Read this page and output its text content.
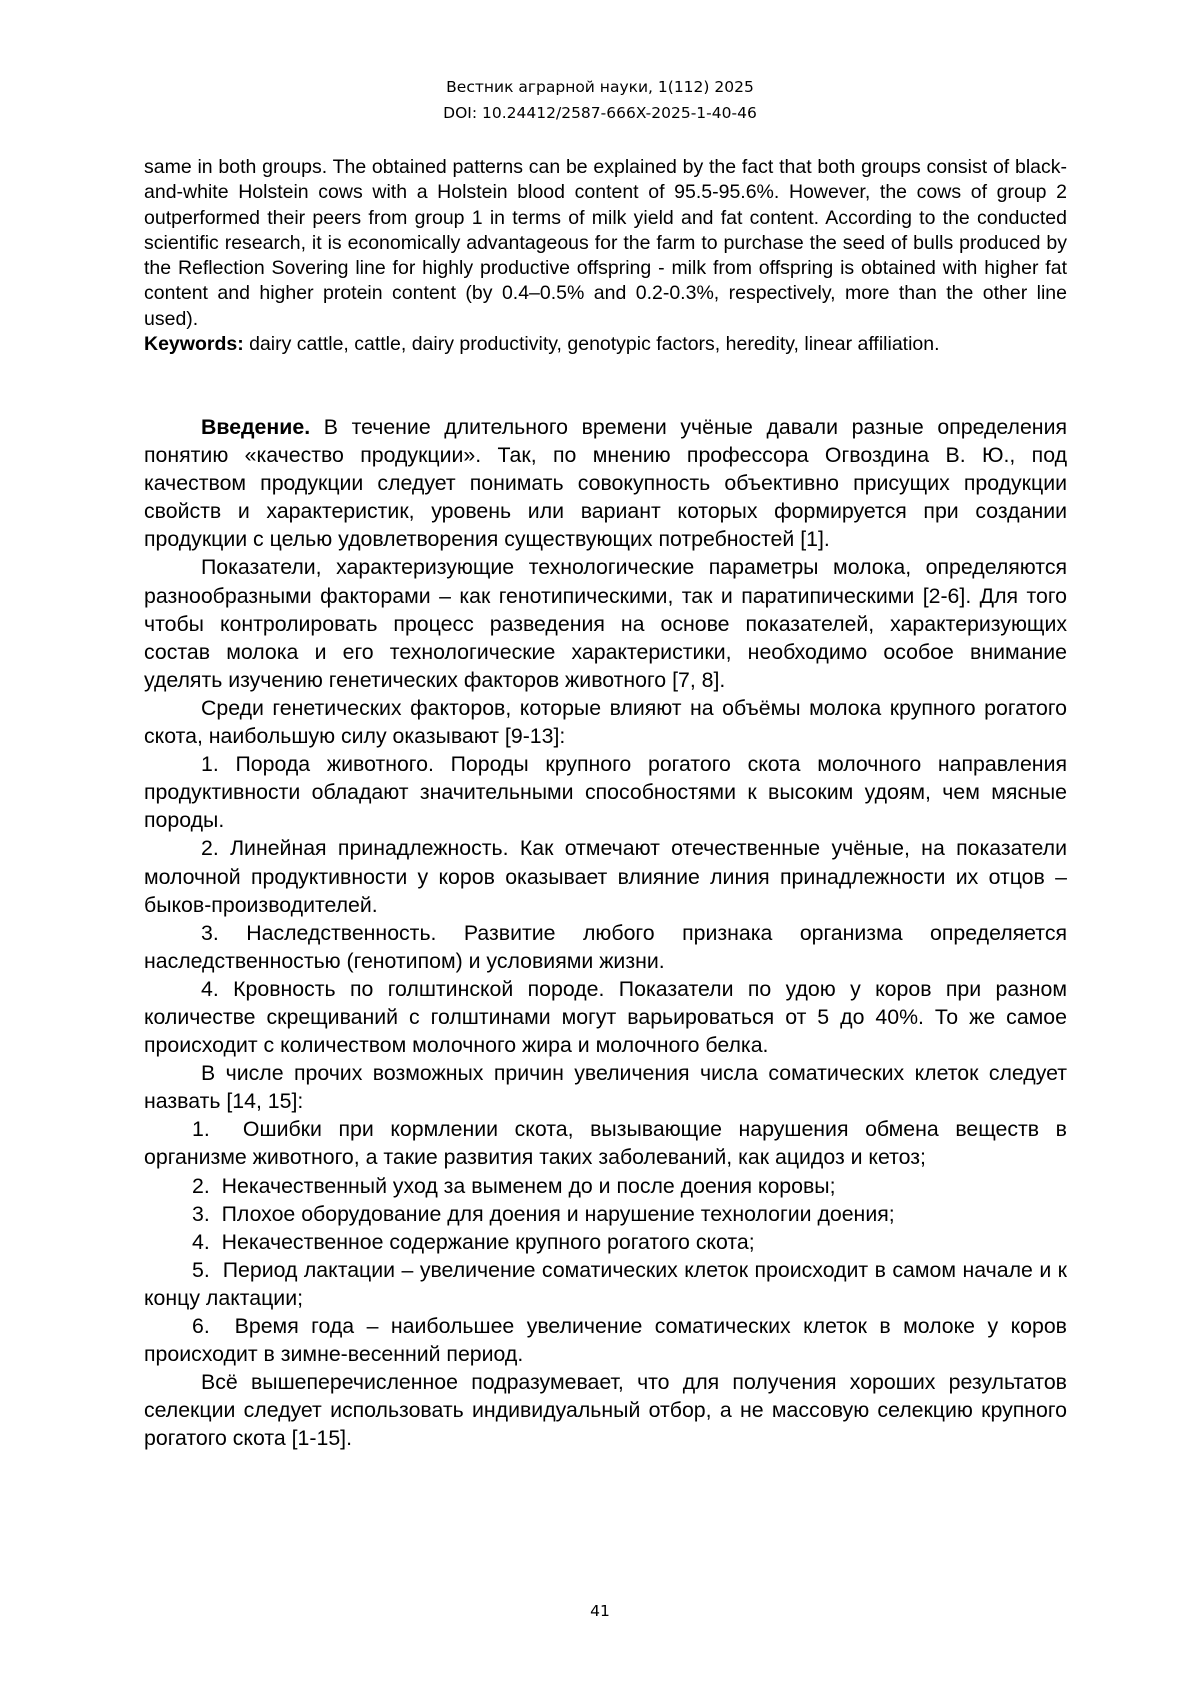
Вестник аграрной науки, 1(112) 2025
DOI: 10.24412/2587-666X-2025-1-40-46

same in both groups. The obtained patterns can be explained by the fact that both groups consist of black-and-white Holstein cows with a Holstein blood content of 95.5-95.6%. However, the cows of group 2 outperformed their peers from group 1 in terms of milk yield and fat content. According to the conducted scientific research, it is economically advantageous for the farm to purchase the seed of bulls produced by the Reflection Sovering line for highly productive offspring - milk from offspring is obtained with higher fat content and higher protein content (by 0.4–0.5% and 0.2-0.3%, respectively, more than the other line used).

Keywords: dairy cattle, cattle, dairy productivity, genotypic factors, heredity, linear affiliation.

Введение. В течение длительного времени учёные давали разные определения понятию «качество продукции». Так, по мнению профессора Огвоздина В. Ю., под качеством продукции следует понимать совокупность объективно присущих продукции свойств и характеристик, уровень или вариант которых формируется при создании продукции с целью удовлетворения существующих потребностей [1].

Показатели, характеризующие технологические параметры молока, определяются разнообразными факторами – как генотипическими, так и паратипическими [2-6]. Для того чтобы контролировать процесс разведения на основе показателей, характеризующих состав молока и его технологические характеристики, необходимо особое внимание уделять изучению генетических факторов животного [7, 8].

Среди генетических факторов, которые влияют на объёмы молока крупного рогатого скота, наибольшую силу оказывают [9-13]:

1. Порода животного. Породы крупного рогатого скота молочного направления продуктивности обладают значительными способностями к высоким удоям, чем мясные породы.

2. Линейная принадлежность. Как отмечают отечественные учёные, на показатели молочной продуктивности у коров оказывает влияние линия принадлежности их отцов – быков-производителей.

3. Наследственность. Развитие любого признака организма определяется наследственностью (генотипом) и условиями жизни.

4. Кровность по голштинской породе. Показатели по удою у коров при разном количестве скрещиваний с голштинами могут варьироваться от 5 до 40%. То же самое происходит с количеством молочного жира и молочного белка.

В числе прочих возможных причин увеличения числа соматических клеток следует назвать [14, 15]:

1.  Ошибки при кормлении скота, вызывающие нарушения обмена веществ в организме животного, а такие развития таких заболеваний, как ацидоз и кетоз;

2.  Некачественный уход за выменем до и после доения коровы;

3.  Плохое оборудование для доения и нарушение технологии доения;

4.  Некачественное содержание крупного рогатого скота;

5.  Период лактации – увеличение соматических клеток происходит в самом начале и к концу лактации;

6.  Время года – наибольшее увеличение соматических клеток в молоке у коров происходит в зимне-весенний период.

Всё вышеперечисленное подразумевает, что для получения хороших результатов селекции следует использовать индивидуальный отбор, а не массовую селекцию крупного рогатого скота [1-15].

41
